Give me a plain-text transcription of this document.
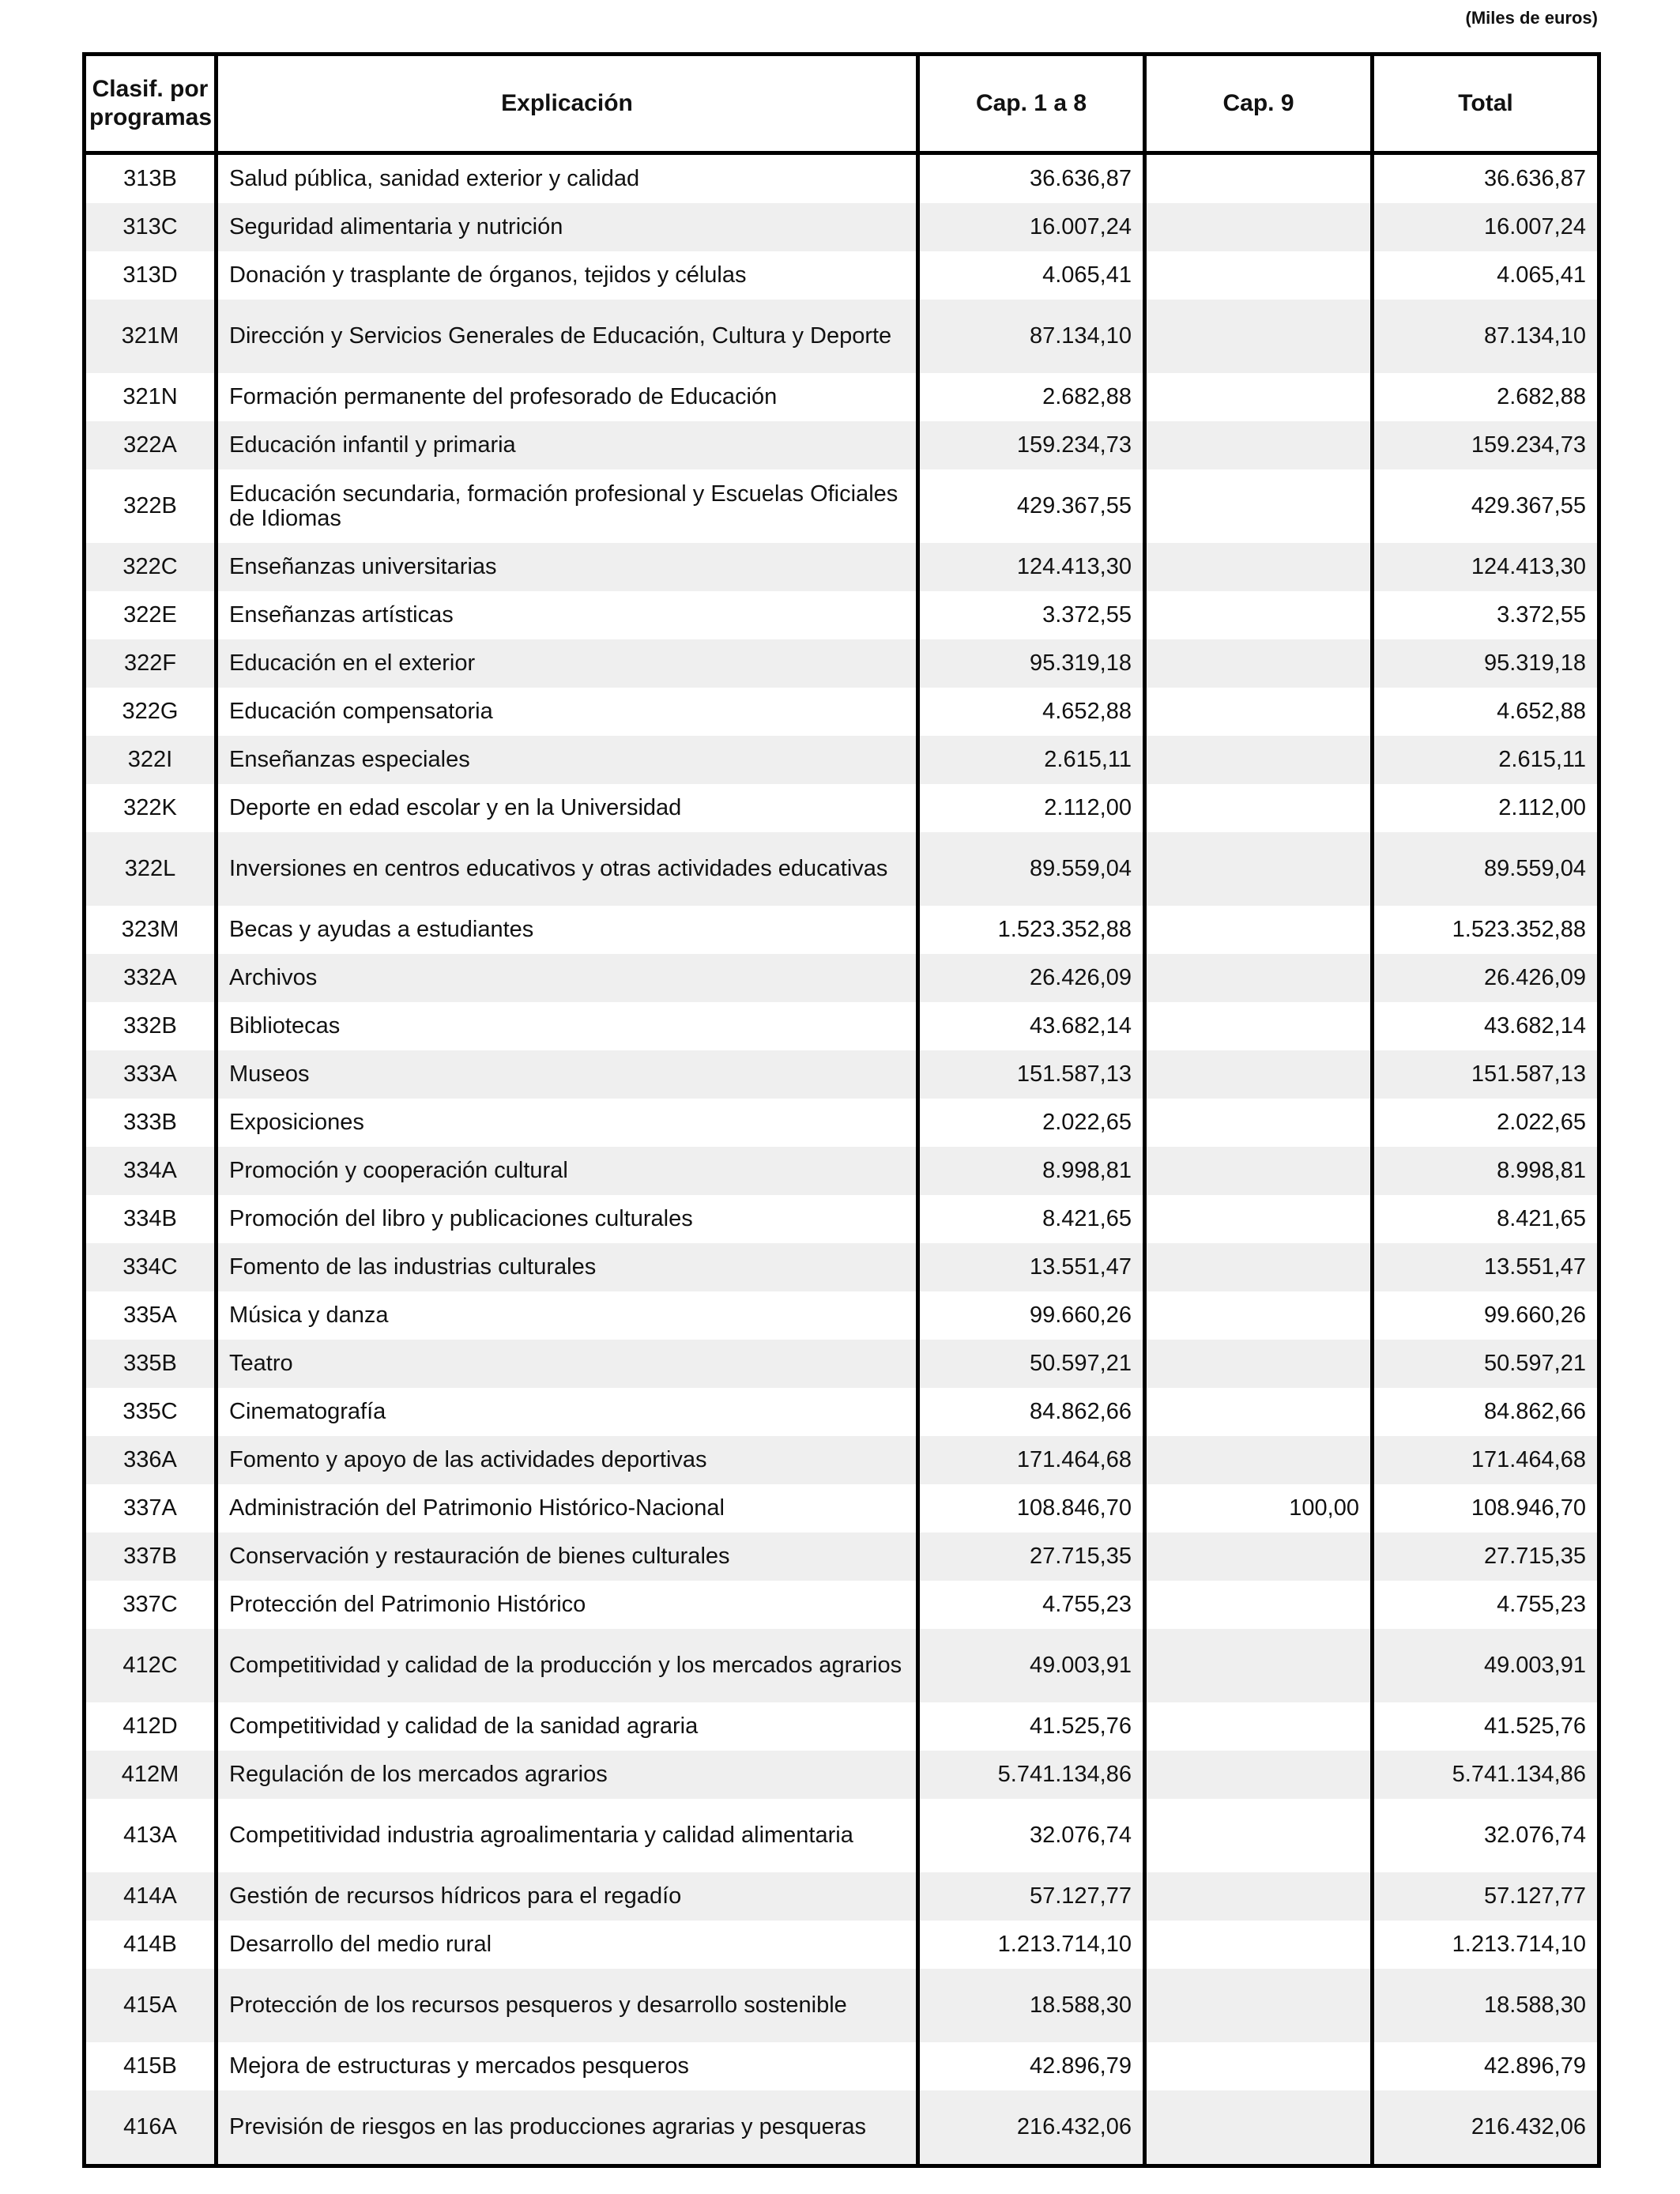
(Miles de euros)
Clasif. por programas	Explicación	Cap. 1 a 8	Cap. 9	Total
313B	Salud pública, sanidad exterior y calidad	36.636,87		36.636,87
313C	Seguridad alimentaria y nutrición	16.007,24		16.007,24
313D	Donación y trasplante de órganos, tejidos y células	4.065,41		4.065,41
321M	Dirección y Servicios Generales de Educación, Cultura y Deporte	87.134,10		87.134,10
321N	Formación permanente del profesorado de Educación	2.682,88		2.682,88
322A	Educación infantil y primaria	159.234,73		159.234,73
322B	Educación secundaria, formación profesional y Escuelas Oficiales de Idiomas	429.367,55		429.367,55
322C	Enseñanzas universitarias	124.413,30		124.413,30
322E	Enseñanzas artísticas	3.372,55		3.372,55
322F	Educación en el exterior	95.319,18		95.319,18
322G	Educación compensatoria	4.652,88		4.652,88
322I	Enseñanzas especiales	2.615,11		2.615,11
322K	Deporte en edad escolar y en la Universidad	2.112,00		2.112,00
322L	Inversiones en centros educativos y otras actividades educativas	89.559,04		89.559,04
323M	Becas y ayudas a estudiantes	1.523.352,88		1.523.352,88
332A	Archivos	26.426,09		26.426,09
332B	Bibliotecas	43.682,14		43.682,14
333A	Museos	151.587,13		151.587,13
333B	Exposiciones	2.022,65		2.022,65
334A	Promoción y cooperación cultural	8.998,81		8.998,81
334B	Promoción del libro y publicaciones culturales	8.421,65		8.421,65
334C	Fomento de las industrias culturales	13.551,47		13.551,47
335A	Música y danza	99.660,26		99.660,26
335B	Teatro	50.597,21		50.597,21
335C	Cinematografía	84.862,66		84.862,66
336A	Fomento y apoyo de las actividades deportivas	171.464,68		171.464,68
337A	Administración del Patrimonio Histórico-Nacional	108.846,70	100,00	108.946,70
337B	Conservación y restauración de bienes culturales	27.715,35		27.715,35
337C	Protección del Patrimonio Histórico	4.755,23		4.755,23
412C	Competitividad y calidad de la producción y los mercados agrarios	49.003,91		49.003,91
412D	Competitividad y calidad de la sanidad agraria	41.525,76		41.525,76
412M	Regulación de los mercados agrarios	5.741.134,86		5.741.134,86
413A	Competitividad industria agroalimentaria y calidad alimentaria	32.076,74		32.076,74
414A	Gestión de recursos hídricos para el regadío	57.127,77		57.127,77
414B	Desarrollo del medio rural	1.213.714,10		1.213.714,10
415A	Protección de los recursos pesqueros y desarrollo sostenible	18.588,30		18.588,30
415B	Mejora de estructuras y mercados pesqueros	42.896,79		42.896,79
416A	Previsión de riesgos en las producciones agrarias y pesqueras	216.432,06		216.432,06
